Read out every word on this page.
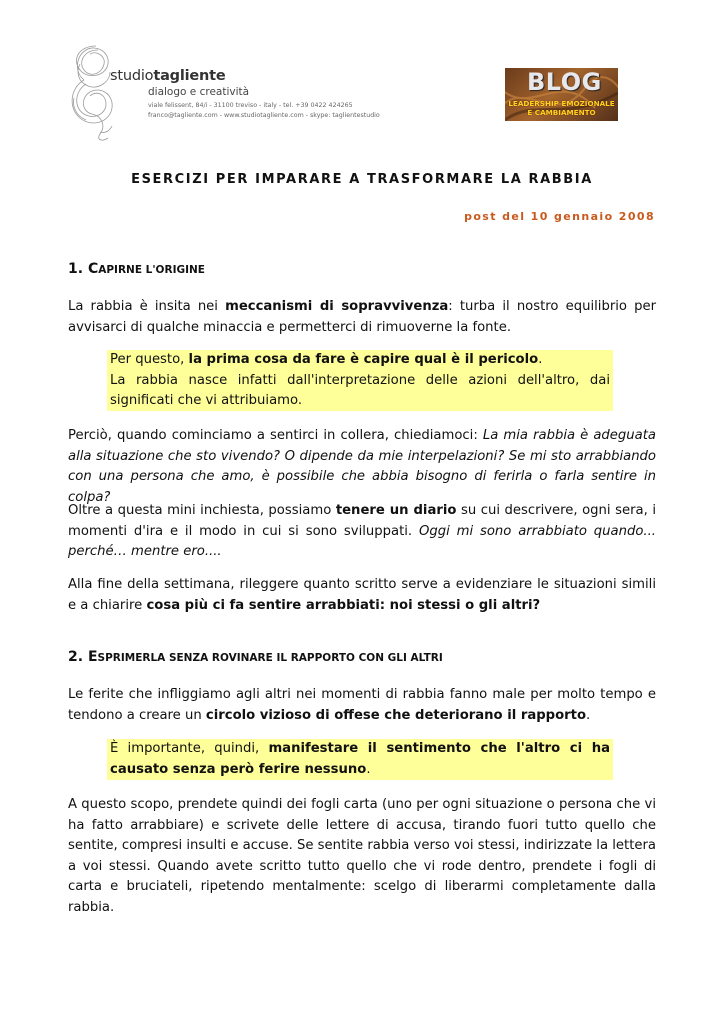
studiotagliente
dialogo e creatività
viale felissent, 84/i - 31100 treviso - italy - tel. +39 0422 424265
franco@tagliente.com - www.studiotagliente.com - skype: taglientestudio
BLOG
LEADERSHIP EMOZIONALE
E CAMBIAMENTO
ESERCIZI PER IMPARARE A TRASFORMARE LA RABBIA
post del 10 gennaio 2008
1. CAPIRNE L'ORIGINE

La rabbia è insita nei meccanismi di sopravvivenza: turba il nostro equilibrio per avvisarci di qualche minaccia e permetterci di rimuoverne la fonte.

Per questo, la prima cosa da fare è capire qual è il pericolo.
La rabbia nasce infatti dall'interpretazione delle azioni dell'altro, dai significati che vi attribuiamo.

Perciò, quando cominciamo a sentirci in collera, chiediamoci: La mia rabbia è adeguata alla situazione che sto vivendo? O dipende da mie interpelazioni? Se mi sto arrabbiando con una persona che amo, è possibile che abbia bisogno di ferirla o farla sentire in colpa?

Oltre a questa mini inchiesta, possiamo tenere un diario su cui descrivere, ogni sera, i momenti d'ira e il modo in cui si sono sviluppati. Oggi mi sono arrabbiato quando... perché… mentre ero....

Alla fine della settimana, rileggere quanto scritto serve a evidenziare le situazioni simili e a chiarire cosa più ci fa sentire arrabbiati: noi stessi o gli altri?

2. ESPRIMERLA SENZA ROVINARE IL RAPPORTO CON GLI ALTRI

Le ferite che infliggiamo agli altri nei momenti di rabbia fanno male per molto tempo e tendono a creare un circolo vizioso di offese che deteriorano il rapporto.

È importante, quindi, manifestare il sentimento che l'altro ci ha causato senza però ferire nessuno.

A questo scopo, prendete quindi dei fogli carta (uno per ogni situazione o persona che vi ha fatto arrabbiare) e scrivete delle lettere di accusa, tirando fuori tutto quello che sentite, compresi insulti e accuse. Se sentite rabbia verso voi stessi, indirizzate la lettera a voi stessi. Quando avete scritto tutto quello che vi rode dentro, prendete i fogli di carta e bruciateli, ripetendo mentalmente: scelgo di liberarmi completamente dalla rabbia.
